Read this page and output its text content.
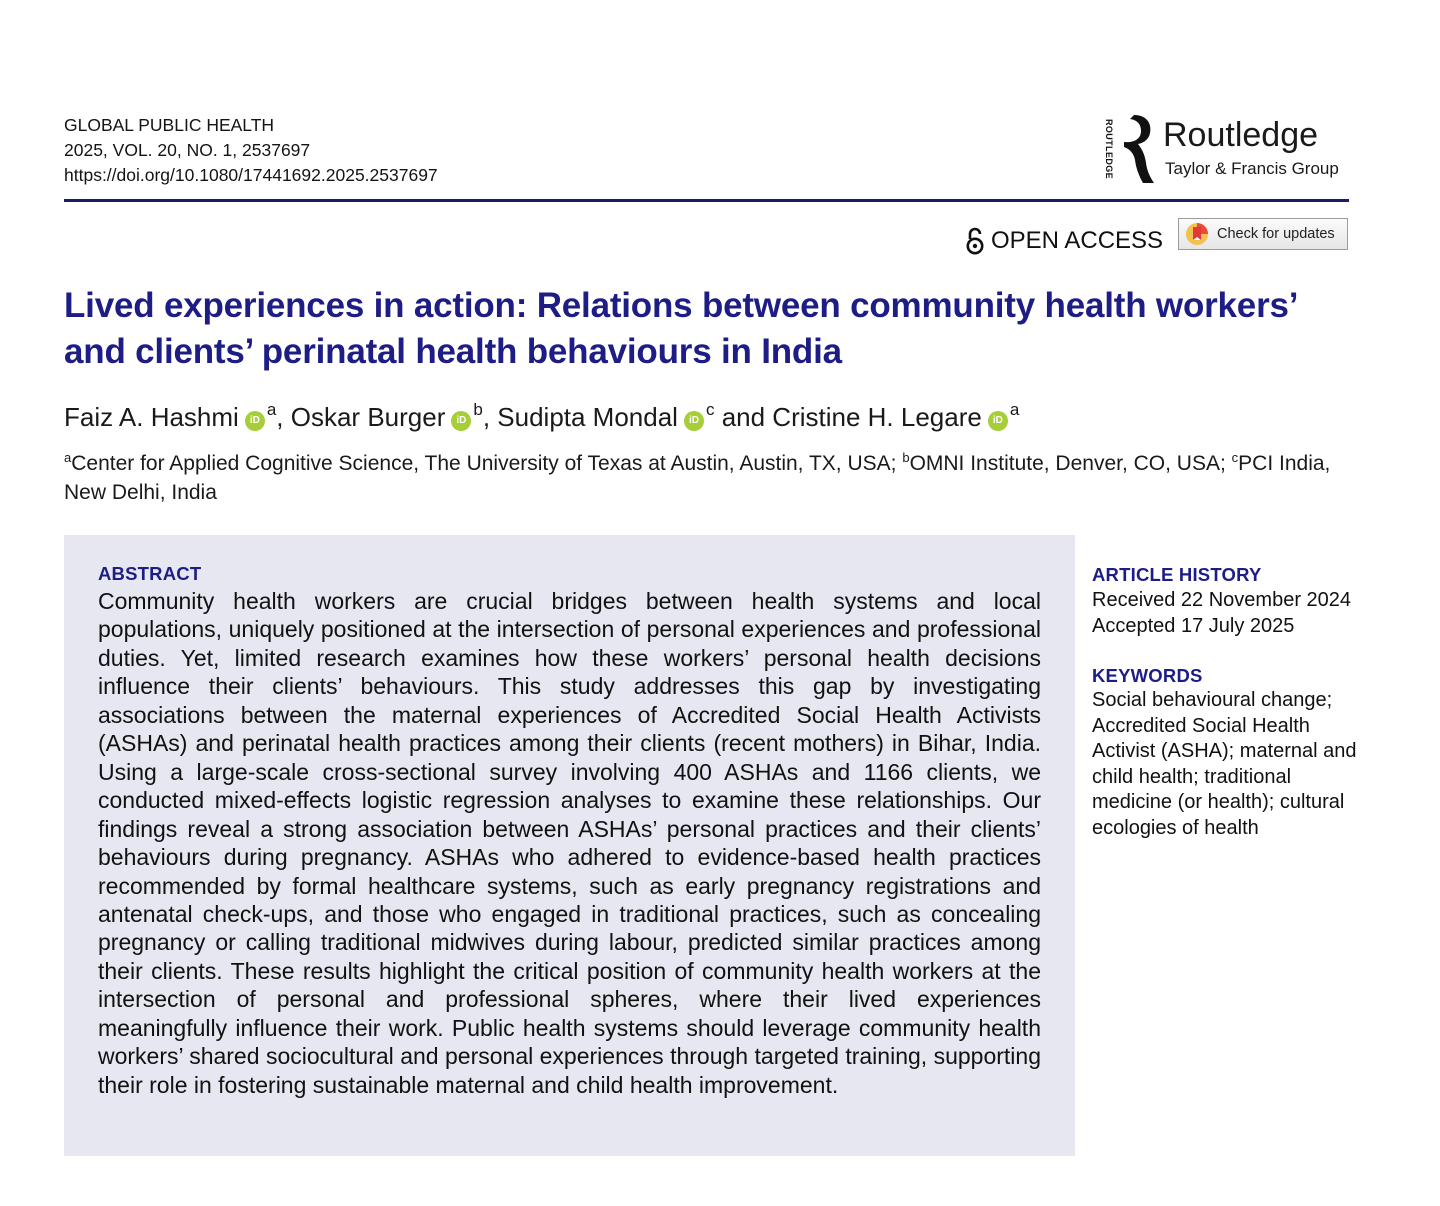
GLOBAL PUBLIC HEALTH
2025, VOL. 20, NO. 1, 2537697
https://doi.org/10.1080/17441692.2025.2537697	ROUTLEDGE Routledge
Taylor & Francis Group
OPEN ACCESS	Check for updates
Lived experiences in action: Relations between community health workers’ and clients’ perinatal health behaviours in India
Faiz A. Hashmi $iD^a$, Oskar Burger $iD^b$, Sudipta Mondal $iD^c$ and Cristine H. Legare $iD^a$
$^a$Center for Applied Cognitive Science, The University of Texas at Austin, Austin, TX, USA; $^b$OMNI Institute, Denver, CO, USA; $^c$PCI India, New Delhi, India
ABSTRACT

Community health workers are crucial bridges between health systems and local populations, uniquely positioned at the intersection of personal experiences and professional duties. Yet, limited research examines how these workers’ personal health decisions influence their clients’ behaviours. This study addresses this gap by investigating associations between the maternal experiences of Accredited Social Health Activists (ASHAs) and perinatal health practices among their clients (recent mothers) in Bihar, India. Using a large-scale cross-sectional survey involving 400 ASHAs and 1166 clients, we conducted mixed-effects logistic regression analyses to examine these relationships. Our findings reveal a strong association between ASHAs’ personal practices and their clients’ behaviours during pregnancy. ASHAs who adhered to evidence-based health practices recommended by formal healthcare systems, such as early pregnancy registrations and antenatal check-ups, and those who engaged in traditional practices, such as concealing pregnancy or calling traditional midwives during labour, predicted similar practices among their clients. These results highlight the critical position of community health workers at the intersection of personal and professional spheres, where their lived experiences meaningfully influence their work. Public health systems should leverage community health workers’ shared sociocultural and personal experiences through targeted training, supporting their role in fostering sustainable maternal and child health improvement.

ARTICLE HISTORY
Received 22 November 2024
Accepted 17 July 2025
KEYWORDS
Social behavioural change; Accredited Social Health Activist (ASHA); maternal and child health; traditional medicine (or health); cultural ecologies of health
